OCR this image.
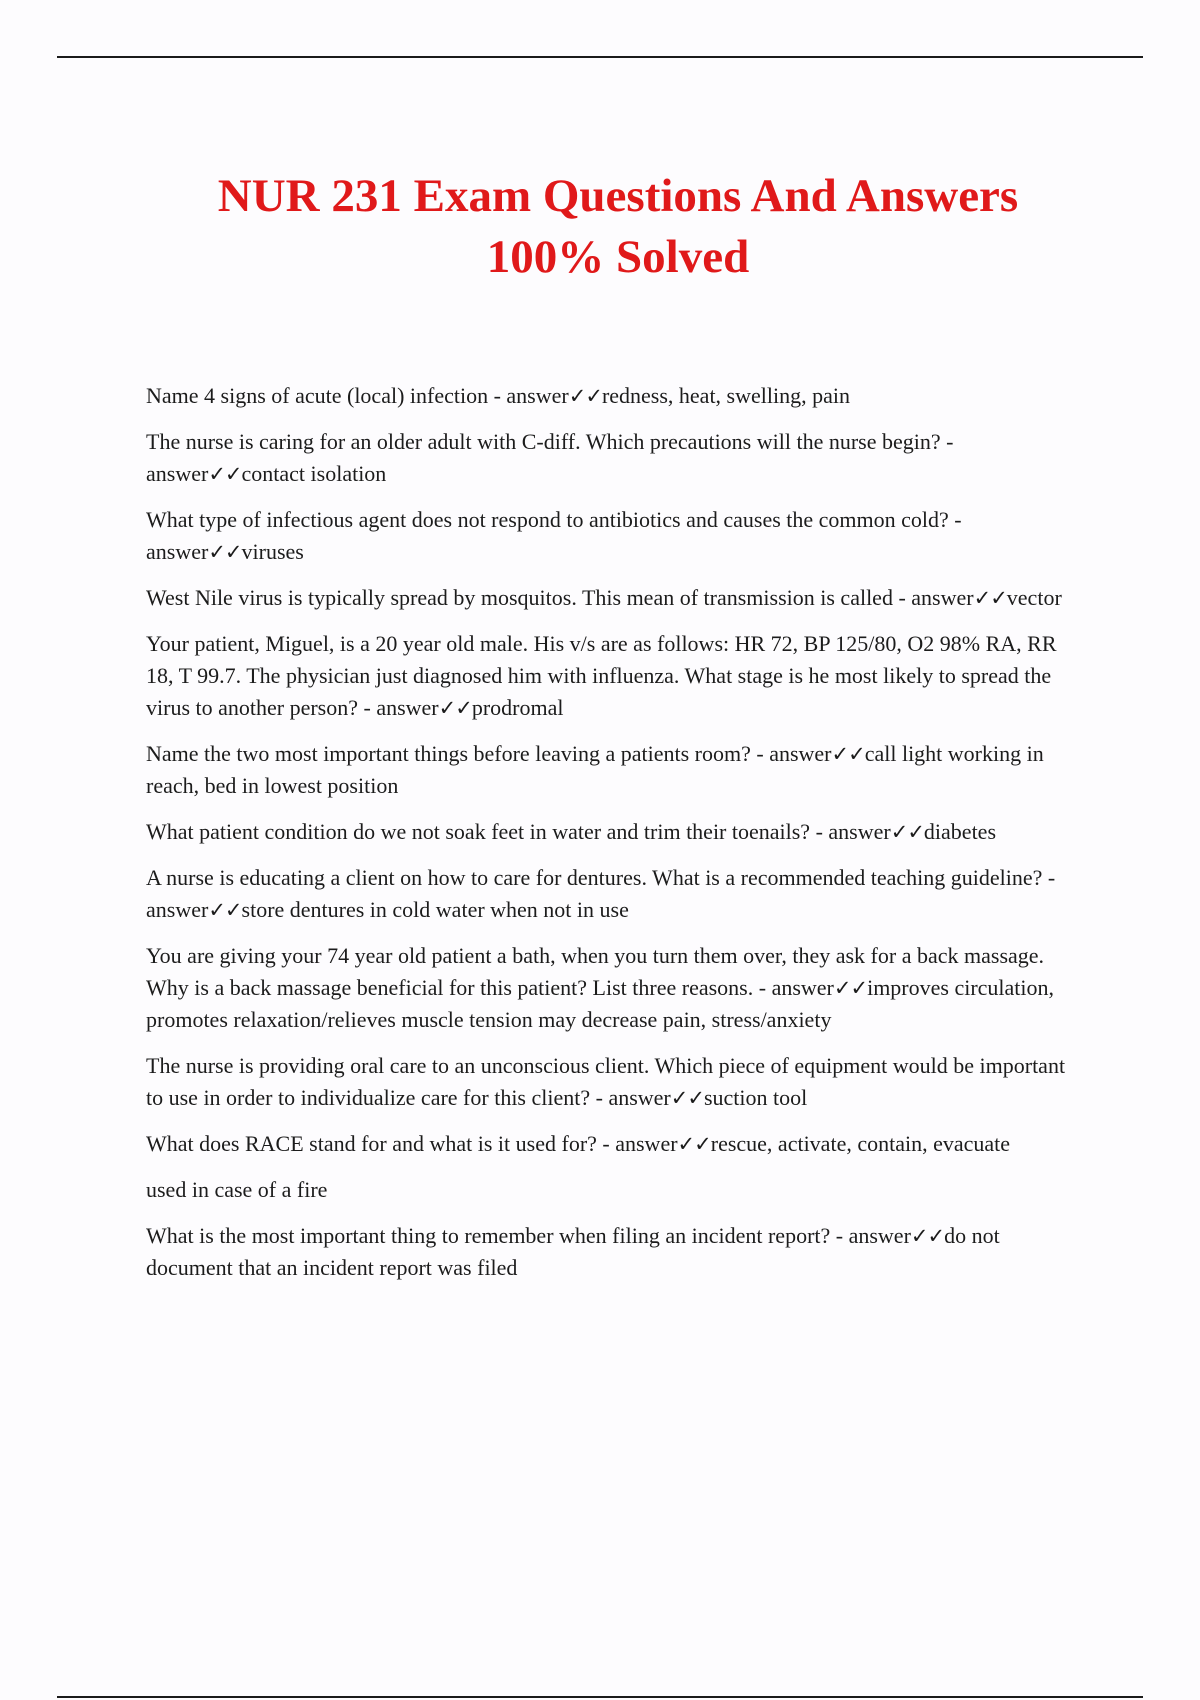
NUR 231 Exam Questions And Answers
100% Solved

Name 4 signs of acute (local) infection - answer✓✓redness, heat, swelling, pain

The nurse is caring for an older adult with C-diff. Which precautions will the nurse begin? - answer✓✓contact isolation

What type of infectious agent does not respond to antibiotics and causes the common cold? - answer✓✓viruses

West Nile virus is typically spread by mosquitos. This mean of transmission is called - answer✓✓vector

Your patient, Miguel, is a 20 year old male. His v/s are as follows: HR 72, BP 125/80, O2 98% RA, RR 18, T 99.7. The physician just diagnosed him with influenza. What stage is he most likely to spread the virus to another person? - answer✓✓prodromal

Name the two most important things before leaving a patients room? - answer✓✓call light working in reach, bed in lowest position

What patient condition do we not soak feet in water and trim their toenails? - answer✓✓diabetes

A nurse is educating a client on how to care for dentures. What is a recommended teaching guideline? - answer✓✓store dentures in cold water when not in use

You are giving your 74 year old patient a bath, when you turn them over, they ask for a back massage. Why is a back massage beneficial for this patient? List three reasons. - answer✓✓improves circulation, promotes relaxation/relieves muscle tension may decrease pain, stress/anxiety

The nurse is providing oral care to an unconscious client. Which piece of equipment would be important to use in order to individualize care for this client? - answer✓✓suction tool

What does RACE stand for and what is it used for? - answer✓✓rescue, activate, contain, evacuate

used in case of a fire

What is the most important thing to remember when filing an incident report? - answer✓✓do not document that an incident report was filed
